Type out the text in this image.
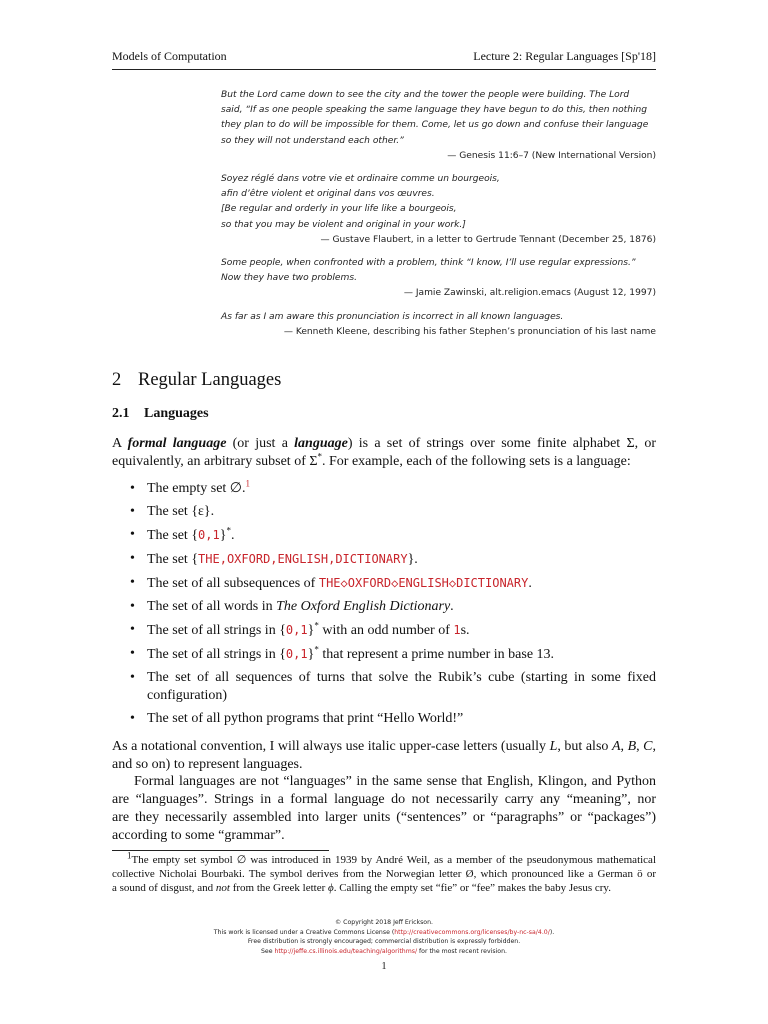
Models of Computation	Lecture 2: Regular Languages [Sp'18]
But the Lord came down to see the city and the tower the people were building. The Lord
said, “If as one people speaking the same language they have begun to do this, then nothing
they plan to do will be impossible for them. Come, let us go down and confuse their language
so they will not understand each other.”
— Genesis 11:6–7 (New International Version)
Soyez réglé dans votre vie et ordinaire comme un bourgeois,
afin d’être violent et original dans vos œuvres.
[Be regular and orderly in your life like a bourgeois,
so that you may be violent and original in your work.]
— Gustave Flaubert, in a letter to Gertrude Tennant (December 25, 1876)
Some people, when confronted with a problem, think “I know, I’ll use regular expressions.”
Now they have two problems.
— Jamie Zawinski, alt.religion.emacs (August 12, 1997)
As far as I am aware this pronunciation is incorrect in all known languages.
— Kenneth Kleene, describing his father Stephen’s pronunciation of his last name
2 Regular Languages
2.1 Languages
A formal language (or just a language) is a set of strings over some finite alphabet Σ, or
equivalently, an arbitrary subset of Σ*. For example, each of the following sets is a language:
• The empty set ∅.$^1$
• The set {ε}.
• The set {0,1}*.
• The set {THE,OXFORD,ENGLISH,DICTIONARY}.
• The set of all subsequences of THE◇OXFORD◇ENGLISH◇DICTIONARY.
• The set of all words in The Oxford English Dictionary.
• The set of all strings in {0,1}* with an odd number of 1s.
• The set of all strings in {0,1}* that represent a prime number in base 13.
• The set of all sequences of turns that solve the Rubik’s cube (starting in some fixed
configuration)
• The set of all python programs that print “Hello World!”
As a notational convention, I will always use italic upper-case letters (usually L, but also A, B, C,
and so on) to represent languages.
Formal languages are not “languages” in the same sense that English, Klingon, and Python
are “languages”. Strings in a formal language do not necessarily carry any “meaning”, nor
are they necessarily assembled into larger units (“sentences” or “paragraphs” or “packages”)
according to some “grammar”.
$^1$The empty set symbol ∅ was introduced in 1939 by André Weil, as a member of the pseudonymous mathematical
collective Nicholai Bourbaki. The symbol derives from the Norwegian letter Ø, which pronounced like a German ö or
a sound of disgust, and not from the Greek letter ϕ. Calling the empty set “fie” or “fee” makes the baby Jesus cry.
© Copyright 2018 Jeff Erickson.
This work is licensed under a Creative Commons License (http://creativecommons.org/licenses/by-nc-sa/4.0/).
Free distribution is strongly encouraged; commercial distribution is expressly forbidden.
See http://jeffe.cs.illinois.edu/teaching/algorithms/ for the most recent revision.
1
